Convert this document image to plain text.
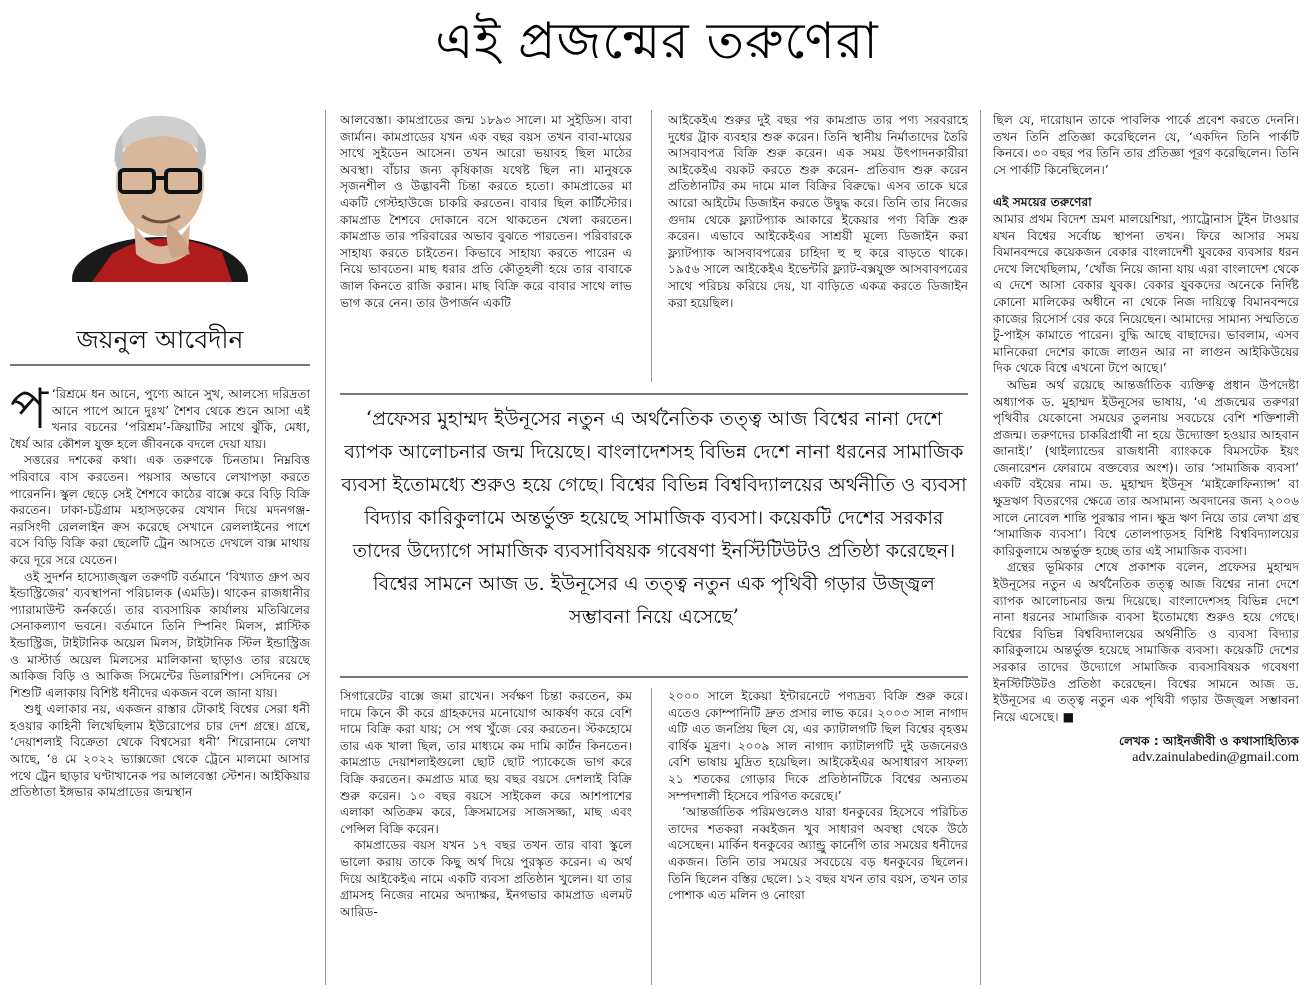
এই প্রজন্মের তরুণেরা
জয়নুল আবেদীন

প ‘রিশ্রমে ধন আনে, পুণ্যে আনে সুখ, আলস্যে দরিদ্রতা আনে পাপে আনে দুঃখ’ শৈশব থেকে শুনে আসা এই খনার বচনের ‘পরিশ্রম’-ক্রিয়াটির সাথে ঝুঁকি, মেধা, ধৈর্য আর কৌশল যুক্ত হলে জীবনকে বদলে দেয়া যায়।

সত্তরের দশকের কথা। এক তরুণকে চিনতাম। নিম্নবিত্ত পরিবারে বাস করতেন। পয়সার অভাবে লেখাপড়া করতে পারেননি। স্কুল ছেড়ে সেই শৈশবে কাঠের বাক্সে করে বিড়ি বিক্রি করতেন। ঢাকা-চট্টগ্রাম মহাসড়কের যেখান দিয়ে মদনগঞ্জ-নরসিংদী রেললাইন ক্রস করেছে সেখানে রেললাইনের পাশে বসে বিড়ি বিক্রি করা ছেলেটি ট্রেন আসতে দেখলে বাক্স মাথায় করে দূরে সরে যেতেন।

ওই সুদর্শন হাস্যোজ্জ্বল তরুণটি বর্তমানে ‘বিখ্যাত গ্রুপ অব ইন্ডাস্ট্রিজের’ ব্যবস্থাপনা পরিচালক (এমডি)। থাকেন রাজধানীর প্যারামাউন্ট কর্নকর্ডে। তার ব্যবসায়িক কার্যালয় মতিঝিলের সেনাকল্যাণ ভবনে। বর্তমানে তিনি স্পিনিং মিলস, প্লাস্টিক ইন্ডাস্ট্রিজ, টাইটানিক অয়েল মিলস, টাইটানিক স্টিল ইন্ডাস্ট্রিজ ও মাস্টার্ড অয়েল মিলসের মালিকানা ছাড়াও তার রয়েছে আকিজ বিড়ি ও আকিজ সিমেন্টের ডিলারশিপ। সেদিনের সে শিশুটি এলাকায় বিশিষ্ট ধনীদের একজন বলে জানা যায়।

শুধু এলাকার নয়, একজন রাস্তার টোকাই বিশ্বের সেরা ধনী হওয়ার কাহিনী লিখেছিলাম ইউরোপের চার দেশ গ্রন্থে। গ্রন্থে, ‘দেয়াশলাই বিক্রেতা থেকে বিশ্বসেরা ধনী’ শিরোনামে লেখা আছে, ‘৪ মে ২০২২ ভ্যাক্সজো থেকে ট্রেনে মালমো আসার পথে ট্রেন ছাড়ার ঘণ্টাখানেক পর আলবেস্তা স্টেশন। আইকিয়ার প্রতিষ্ঠাতা ইঙ্গভার কামপ্রাডের জন্মস্থান

আলবেস্তা। কামপ্রাডের জন্ম ১৮৯৩ সালে। মা সুইডিস। বাবা জার্মান। কামপ্রাডের যখন এক বছর বয়স তখন বাবা-মায়ের সাথে সুইডেন আসেন। তখন আরো ভয়াবহ ছিল মাঠের অবস্থা। বাঁচার জন্য কৃষিকাজ যথেষ্ট ছিল না। মানুষকে সৃজনশীল ও উদ্ভাবনী চিন্তা করতে হতো। কামপ্রাডের মা একটি গেস্টহাউজে চাকরি করতেন। বাবার ছিল কার্টিস্টোর। কামপ্রাড শৈশবে দোকানে বসে থাকতেন খেলা করতেন। কামপ্রাড তার পরিবারের অভাব বুঝতে পারতেন। পরিবারকে সাহায্য করতে চাইতেন। কিভাবে সাহায্য করতে পারেন এ নিয়ে ভাবতেন। মাছ ধরার প্রতি কৌতূহলী হয়ে তার বাবাকে জাল কিনতে রাজি করান। মাছ বিক্রি করে বাবার সাথে লাভ ভাগ করে নেন। তার উপার্জন একটি

আইকেইএ শুরুর দুই বছর পর কামপ্রাড তার পণ্য সরবরাহে দুধের ট্রাক ব্যবহার শুরু করেন। তিনি স্থানীয় নির্মাতাদের তৈরি আসবাবপত্র বিক্রি শুরু করেন। এক সময় উৎপাদনকারীরা আইকেইএ বয়কট করতে শুরু করেন- প্রতিবাদ শুরু করেন প্রতিষ্ঠানটির কম দামে মাল বিক্রির বিরুদ্ধে। এসব তাকে ঘরে আরো আইটেম ডিজাইন করতে উদ্বুদ্ধ করে। তিনি তার নিজের গুদাম থেকে ফ্ল্যাটপ্যাক আকারে ইকেয়ার পণ্য বিক্রি শুরু করেন। এভাবে আইকেইএর সাশ্রয়ী মূল্যে ডিজাইন করা ফ্ল্যাটপ্যাক আসবাবপত্রের চাহিদা হু হু করে বাড়তে থাকে। ১৯৫৬ সালে আইকেইএ ইভেন্টরি ফ্ল্যাট-বক্সযুক্ত আসবাবপত্রের সাথে পরিচয় করিয়ে দেয়, যা বাড়িতে একত্র করতে ডিজাইন করা হয়েছিল।

‘প্রফেসর মুহাম্মদ ইউনূসের নতুন এ অর্থনৈতিক তত্ত্ব আজ বিশ্বের নানা দেশে ব্যাপক আলোচনার জন্ম দিয়েছে। বাংলাদেশসহ বিভিন্ন দেশে নানা ধরনের সামাজিক ব্যবসা ইতোমধ্যে শুরুও হয়ে গেছে। বিশ্বের বিভিন্ন বিশ্ববিদ্যালয়ের অর্থনীতি ও ব্যবসা বিদ্যার কারিকুলামে অন্তর্ভুক্ত হয়েছে সামাজিক ব্যবসা। কয়েকটি দেশের সরকার তাদের উদ্যোগে সামাজিক ব্যবসাবিষয়ক গবেষণা ইনস্টিটিউটও প্রতিষ্ঠা করেছেন। বিশ্বের সামনে আজ ড. ইউনূসের এ তত্ত্ব নতুন এক পৃথিবী গড়ার উজ্জ্বল সম্ভাবনা নিয়ে এসেছে’

সিগারেটের বাক্সে জমা রাখেন। সর্বক্ষণ চিন্তা করতেন, কম দামে কিনে কী করে গ্রাহকদের মনোযোগ আকর্ষণ করে বেশি দামে বিক্রি করা যায়; সে পথ খুঁজে বের করতেন। স্টকহোমে তার এক খালা ছিল, তার মাধ্যমে কম দামি কার্টন কিনতেন। কামপ্রাড দেয়াশলাইগুলো ছোট ছোট প্যাকেজে ভাগ করে বিক্রি করতেন। কমপ্রাড মাত্র ছয় বছর বয়সে দেশলাই বিক্রি শুরু করেন। ১০ বছর বয়সে সাইকেল করে আশপাশের এলাকা অতিক্রম করে, ক্রিসমাসের সাজসজ্জা, মাছ এবং পেন্সিল বিক্রি করেন।

কামপ্রাডের বয়স যখন ১৭ বছর তখন তার বাবা স্কুলে ভালো করায় তাকে কিছু অর্থ দিয়ে পুরস্কৃত করেন। এ অর্থ দিয়ে আইকেইএ নামে একটি ব্যবসা প্রতিষ্ঠান খুলেন। যা তার গ্রামসহ নিজের নামের অদ্যাক্ষর, ইনগভার কামপ্রাড এলমট আরিড-

২০০০ সালে ইকেয়া ইন্টারনেটে পণ্যদ্রব্য বিক্রি শুরু করে। এতেও কোম্পানিটি দ্রুত প্রসার লাভ করে। ২০০৩ সাল নাগাদ এটি এত জনপ্রিয় ছিল যে, এর ক্যাটালগটি ছিল বিশ্বের বৃহত্তম বার্ষিক মুদ্রণ। ২০০৯ সাল নাগাদ ক্যাটালগটি দুই ডজনেরও বেশি ভাষায় মুদ্রিত হয়েছিল। আইকেইএর অসাধারণ সাফল্য ২১ শতকের গোড়ার দিকে প্রতিষ্ঠানটিকে বিশ্বের অন্যতম সম্পদশালী হিসেবে পরিণত করেছে।’

‘আন্তর্জাতিক পরিমণ্ডলেও যারা ধনকুবের হিসেবে পরিচিত তাদের শতকরা নব্বইজন খুব সাধারণ অবস্থা থেকে উঠে এসেছেন। মার্কিন ধনকুবের অ্যান্ড্রু কার্নেগি তার সময়ের ধনীদের একজন। তিনি তার সময়ের সবচেয়ে বড় ধনকুবের ছিলেন। তিনি ছিলেন বস্তির ছেলে। ১২ বছর যখন তার বয়স, তখন তার পোশাক এত মলিন ও নোংরা

ছিল যে, দারোয়ান তাকে পাবলিক পার্কে প্রবেশ করতে দেননি। তখন তিনি প্রতিজ্ঞা করেছিলেন যে, ‘একদিন তিনি পার্কটি কিনবে। ৩০ বছর পর তিনি তার প্রতিজ্ঞা পূরণ করেছিলেন। তিনি সে পার্কটি কিনেছিলেন।’

এই সময়ের তরুণেরা

আমার প্রথম বিদেশ ভ্রমণ মালয়েশিয়া, প্যাট্রোনাস টুইন টাওয়ার যখন বিশ্বের সর্বোচ্চ স্থাপনা তখন। ফিরে আসার সময় বিমানবন্দরে কয়েকজন বেকার বাংলাদেশী যুবকের ব্যবসার ধরন দেখে লিখেছিলাম, ‘খোঁজ নিয়ে জানা যায় এরা বাংলাদেশ থেকে এ দেশে আসা বেকার যুবক। বেকার যুবকদের অনেকে নির্দিষ্ট কোনো মালিকের অধীনে না থেকে নিজ দায়িত্বে বিমানবন্দরে কাজের রিসোর্স বের করে নিয়েছেন। আমাদের সামান্য সম্মতিতে টু-পাইস কামাতে পারেন। বুদ্ধি আছে বাছাদের। ভাবলাম, এসব মানিকেরা দেশের কাজে লাগুন আর না লাগুন আইকিউয়ের দিক থেকে বিশ্বে এখনো টপে আছে।’

অভিন্ন অর্থ রয়েছে আন্তর্জাতিক ব্যক্তিত্ব প্রধান উপদেষ্টা অধ্যাপক ড. মুহাম্মদ ইউনূসের ভাষায়, ‘এ প্রজন্মের তরুণরা পৃথিবীর যেকোনো সময়ের তুলনায় সবচেয়ে বেশি শক্তিশালী প্রজন্ম। তরুণদের চাকরিপ্রার্থী না হয়ে উদ্যোক্তা হওয়ার আহবান জানাই।’ (থাইল্যান্ডের রাজধানী ব্যাংককে বিমসটেক ইয়ং জেনারেশন ফোরামে বক্তব্যের অংশ)। তার ‘সামাজিক ব্যবসা’ একটি বইয়ের নাম। ড. মুহাম্মদ ইউনূস ‘মাইক্রোফিন্যান্স’ বা ক্ষুদ্রঋণ বিতরণের ক্ষেত্রে তার অসামান্য অবদানের জন্য ২০০৬ সালে নোবেল শান্তি পুরস্কার পান। ক্ষুদ্র ঋণ নিয়ে তার লেখা গ্রন্থ ‘সামাজিক ব্যবসা’। বিশ্বে তোলপাড়সহ বিশিষ্ট বিশ্ববিদ্যালয়ের কারিকুলামে অন্তর্ভুক্ত হচ্ছে তার এই সামাজিক ব্যবসা।

গ্রন্থের ভূমিকার শেষে প্রকাশক বলেন, প্রফেসর মুহাম্মদ ইউনূসের নতুন এ অর্থনৈতিক তত্ত্ব আজ বিশ্বের নানা দেশে ব্যাপক আলোচনার জন্ম দিয়েছে। বাংলাদেশসহ বিভিন্ন দেশে নানা ধরনের সামাজিক ব্যবসা ইতোমধ্যে শুরুও হয়ে গেছে। বিশ্বের বিভিন্ন বিশ্ববিদ্যালয়ের অর্থনীতি ও ব্যবসা বিদ্যার কারিকুলামে অন্তর্ভুক্ত হয়েছে সামাজিক ব্যবসা। কয়েকটি দেশের সরকার তাদের উদ্যোগে সামাজিক ব্যবসাবিষয়ক গবেষণা ইনস্টিটিউটও প্রতিষ্ঠা করেছেন। বিশ্বের সামনে আজ ড. ইউনূসের এ তত্ত্ব নতুন এক পৃথিবী গড়ার উজ্জ্বল সম্ভাবনা নিয়ে এসেছে। ■

লেখক : আইনজীবী ও কথাসাহিত্যিক

adv.zainulabedin@gmail.com
